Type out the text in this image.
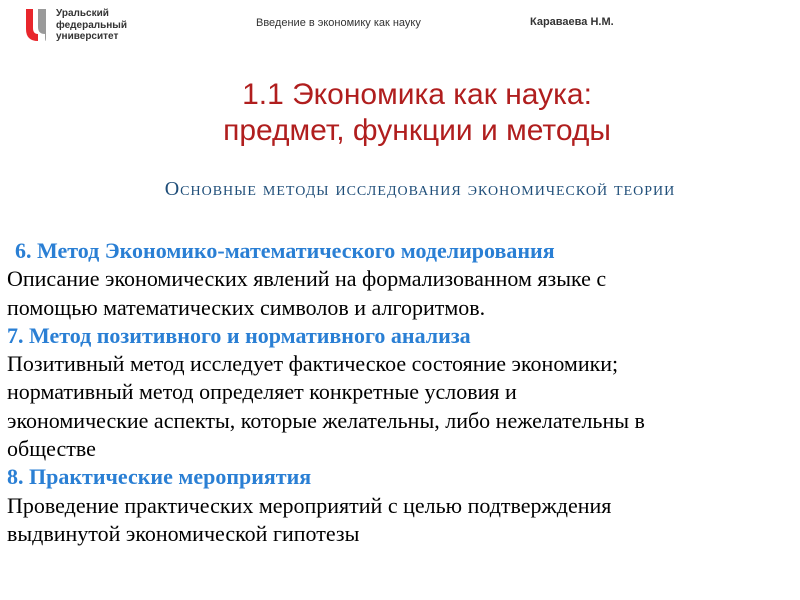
Уральский
федеральный
университет
Введение в экономику как науку	Караваева Н.М.
1.1 Экономика как наука:
предмет, функции и методы
Основные методы исследования экономической теории
6. Метод Экономико-математического моделирования
Описание экономических явлений на формализованном языке с
помощью математических символов и алгоритмов.
7. Метод позитивного и нормативного анализа
Позитивный метод исследует фактическое состояние экономики;
нормативный метод определяет конкретные условия и
экономические аспекты, которые желательны, либо нежелательны в
обществе
8. Практические мероприятия
Проведение практических мероприятий с целью подтверждения
выдвинутой экономической гипотезы
